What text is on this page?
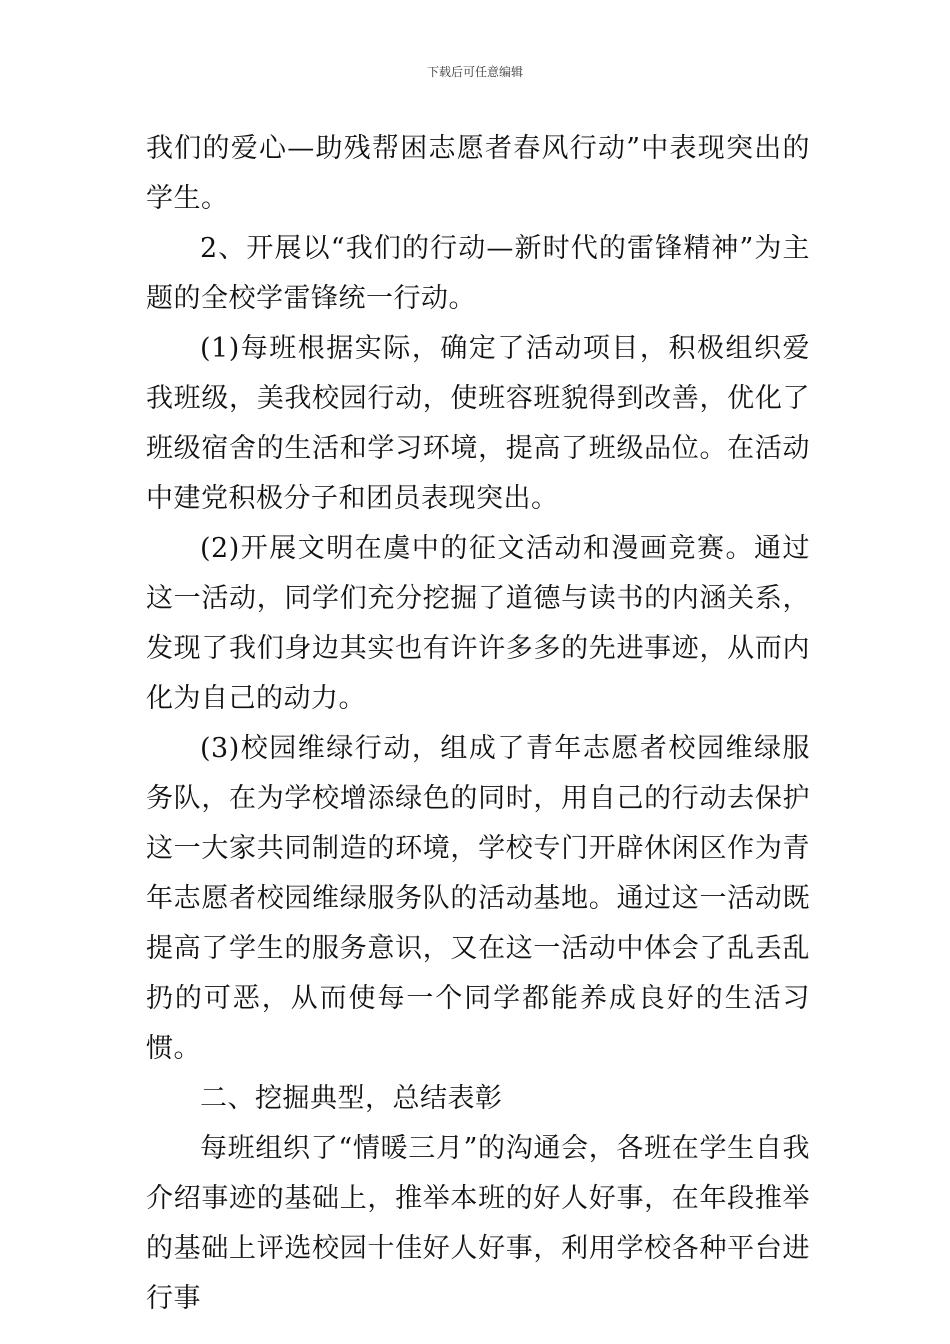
下载后可任意编辑

我们的爱心—助残帮困志愿者春风行动”中表现突出的学生。

2、开展以“我们的行动—新时代的雷锋精神”为主题的全校学雷锋统一行动。

(1)每班根据实际，确定了活动项目，积极组织爱我班级，美我校园行动，使班容班貌得到改善，优化了班级宿舍的生活和学习环境，提高了班级品位。在活动中建党积极分子和团员表现突出。

(2)开展文明在虞中的征文活动和漫画竞赛。通过这一活动，同学们充分挖掘了道德与读书的内涵关系，发现了我们身边其实也有许许多多的先进事迹，从而内化为自己的动力。

(3)校园维绿行动，组成了青年志愿者校园维绿服务队，在为学校增添绿色的同时，用自己的行动去保护这一大家共同制造的环境，学校专门开辟休闲区作为青年志愿者校园维绿服务队的活动基地。通过这一活动既提高了学生的服务意识，又在这一活动中体会了乱丢乱扔的可恶，从而使每一个同学都能养成良好的生活习惯。

二、挖掘典型，总结表彰

每班组织了“情暖三月”的沟通会，各班在学生自我介绍事迹的基础上，推举本班的好人好事，在年段推举的基础上评选校园十佳好人好事，利用学校各种平台进行事
